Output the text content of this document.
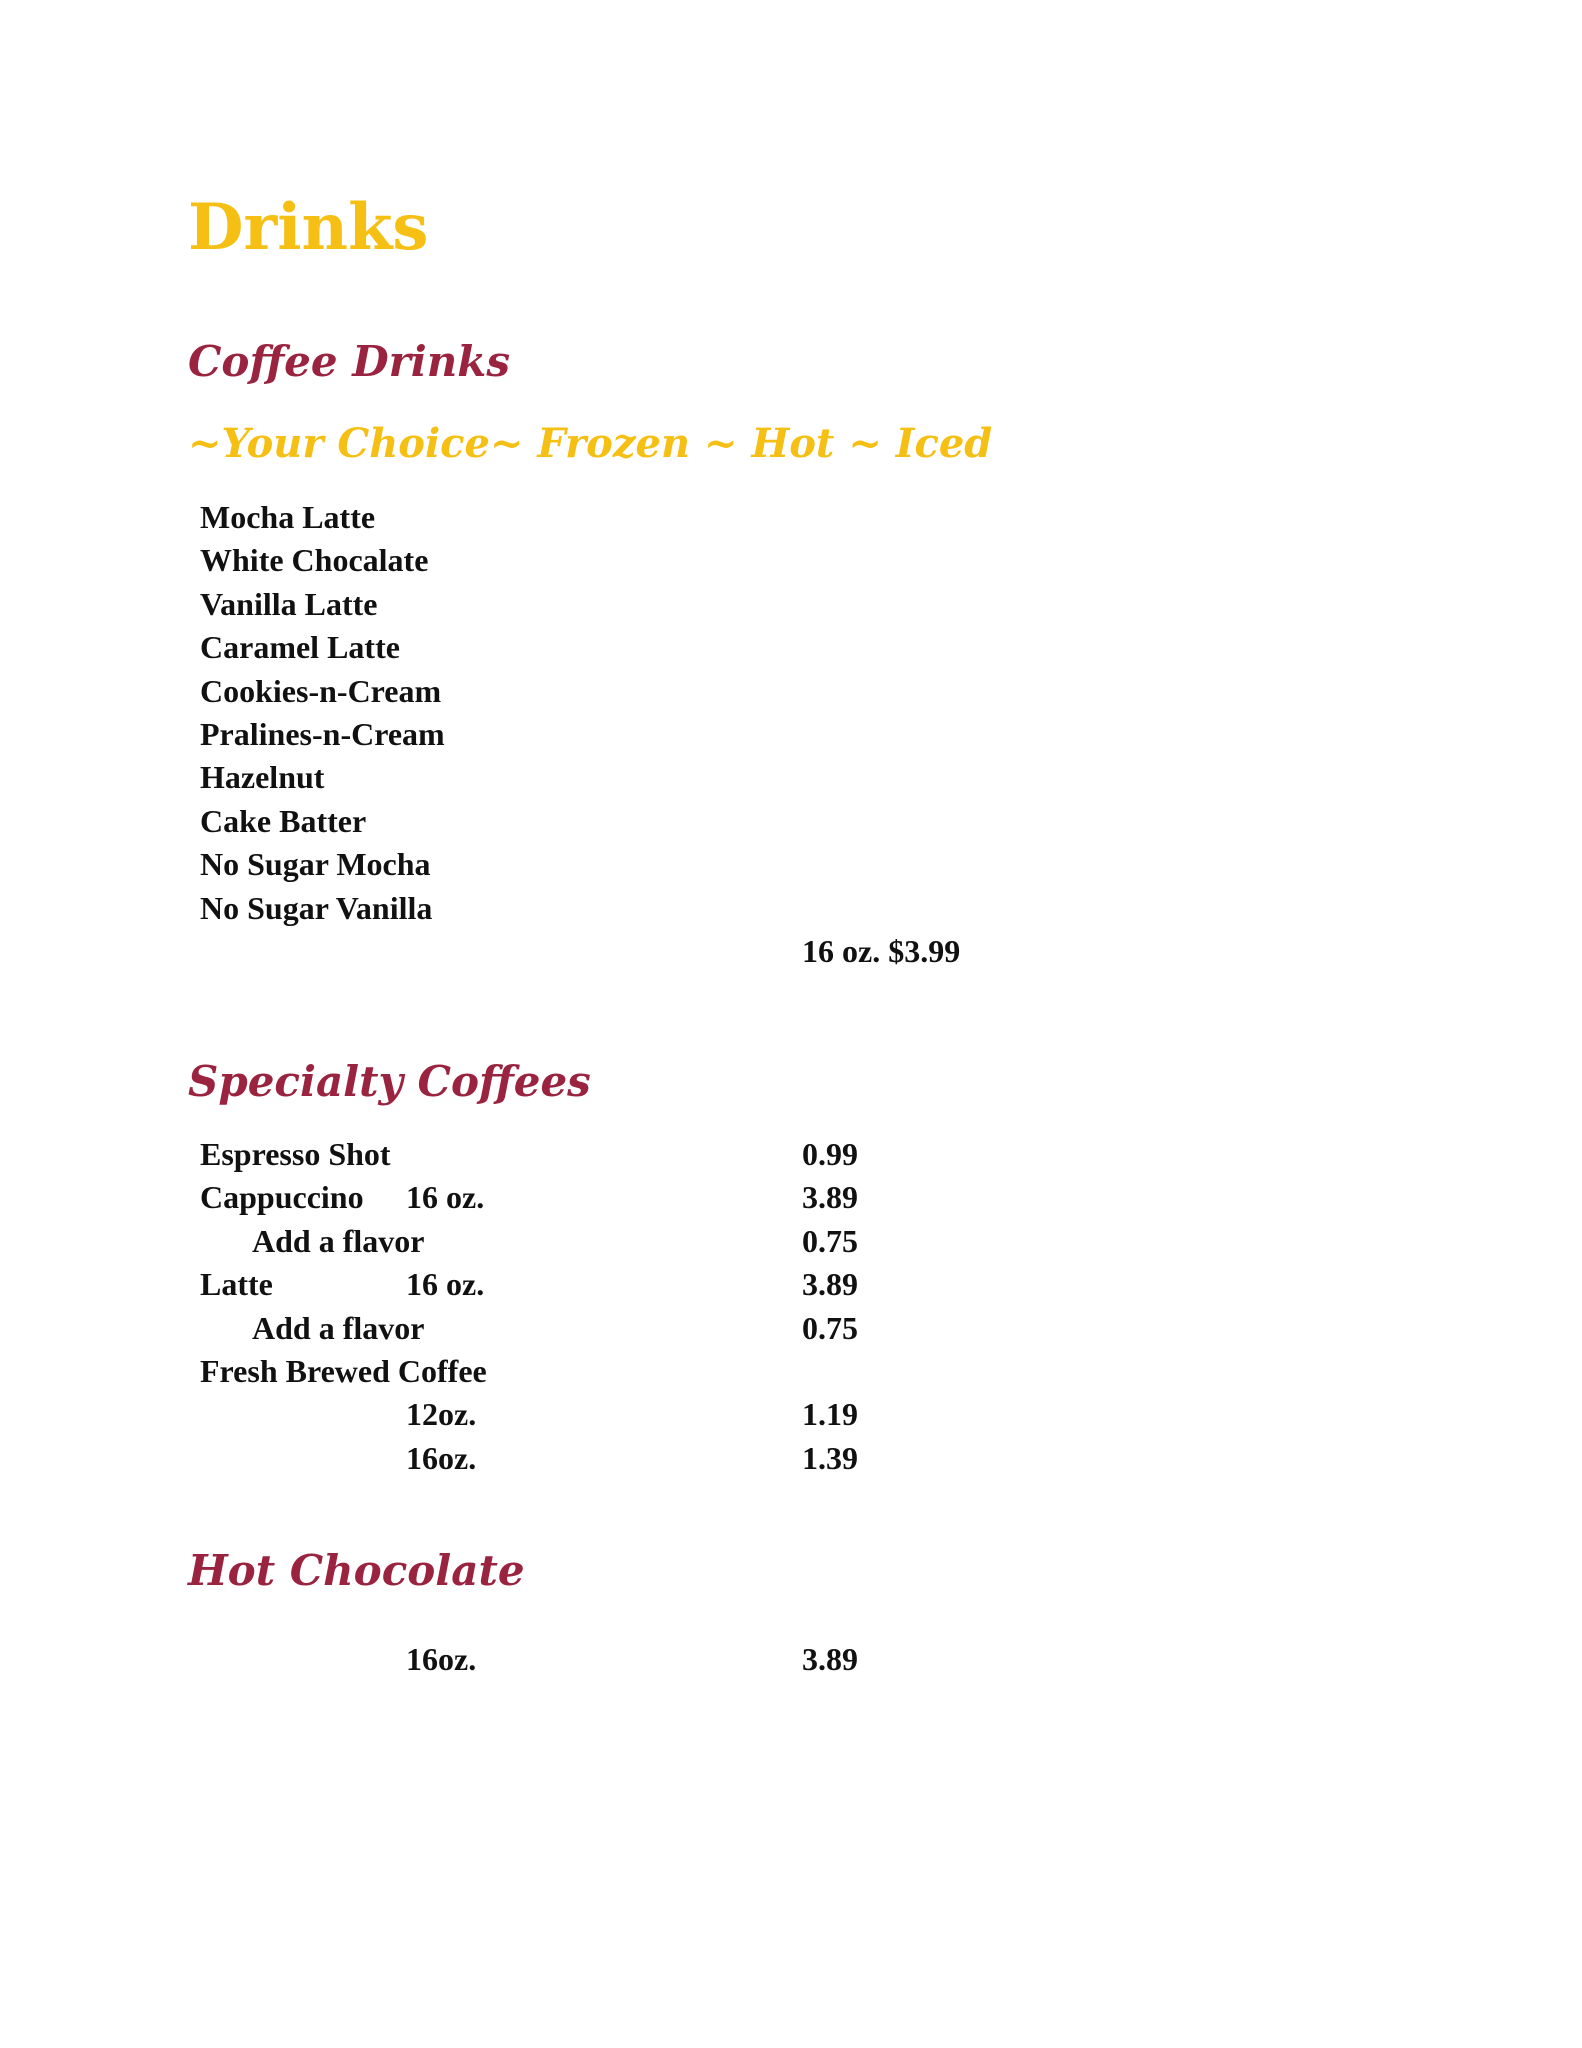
Drinks
Coffee Drinks
~Your Choice~ Frozen ~ Hot ~ Iced
Mocha Latte
White Chocalate
Vanilla Latte
Caramel Latte
Cookies-n-Cream
Pralines-n-Cream
Hazelnut
Cake Batter
No Sugar Mocha
No Sugar Vanilla
16 oz. $3.99
Specialty Coffees
Espresso Shot	0.99
Cappuccino 16 oz.	3.89
Add a flavor	0.75
Latte	16 oz.	3.89
Add a flavor	0.75
Fresh Brewed Coffee
12oz.	1.19
16oz.	1.39
Hot Chocolate
16oz.	3.89
